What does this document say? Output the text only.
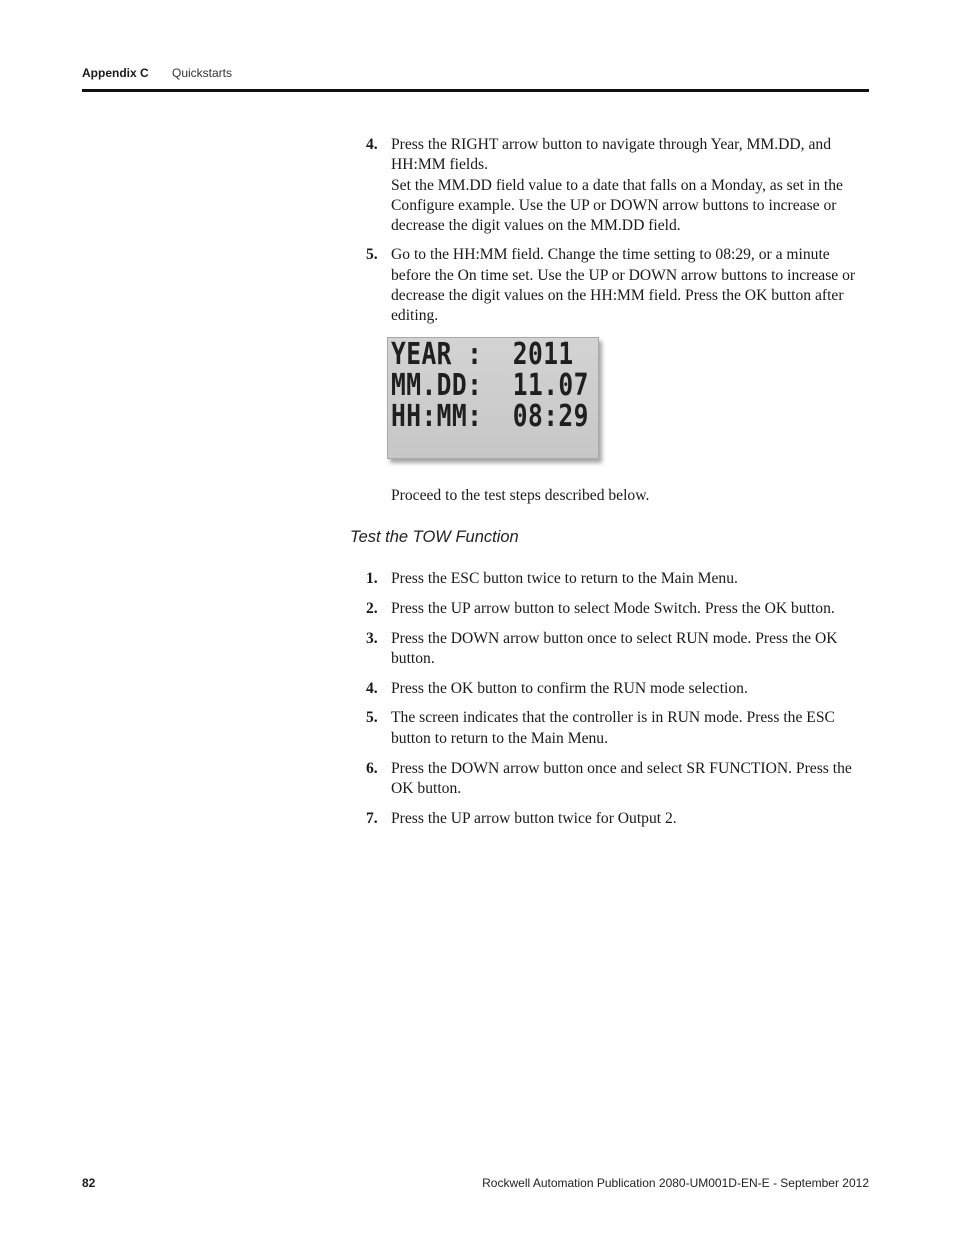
Appendix C Quickstarts
4. Press the RIGHT arrow button to navigate through Year, MM.DD, and HH:MM fields.
Set the MM.DD field value to a date that falls on a Monday, as set in the Configure example. Use the UP or DOWN arrow buttons to increase or decrease the digit values on the MM.DD field.
5. Go to the HH:MM field. Change the time setting to 08:29, or a minute before the On time set. Use the UP or DOWN arrow buttons to increase or decrease the digit values on the HH:MM field. Press the OK button after editing.
YEAR :  2011
MM.DD:  11.07
HH:MM:  08:29
Proceed to the test steps described below.
Test the TOW Function
1. Press the ESC button twice to return to the Main Menu.
2. Press the UP arrow button to select Mode Switch. Press the OK button.
3. Press the DOWN arrow button once to select RUN mode. Press the OK button.
4. Press the OK button to confirm the RUN mode selection.
5. The screen indicates that the controller is in RUN mode. Press the ESC button to return to the Main Menu.
6. Press the DOWN arrow button once and select SR FUNCTION. Press the OK button.
7. Press the UP arrow button twice for Output 2.
82	Rockwell Automation Publication 2080-UM001D-EN-E - September 2012
